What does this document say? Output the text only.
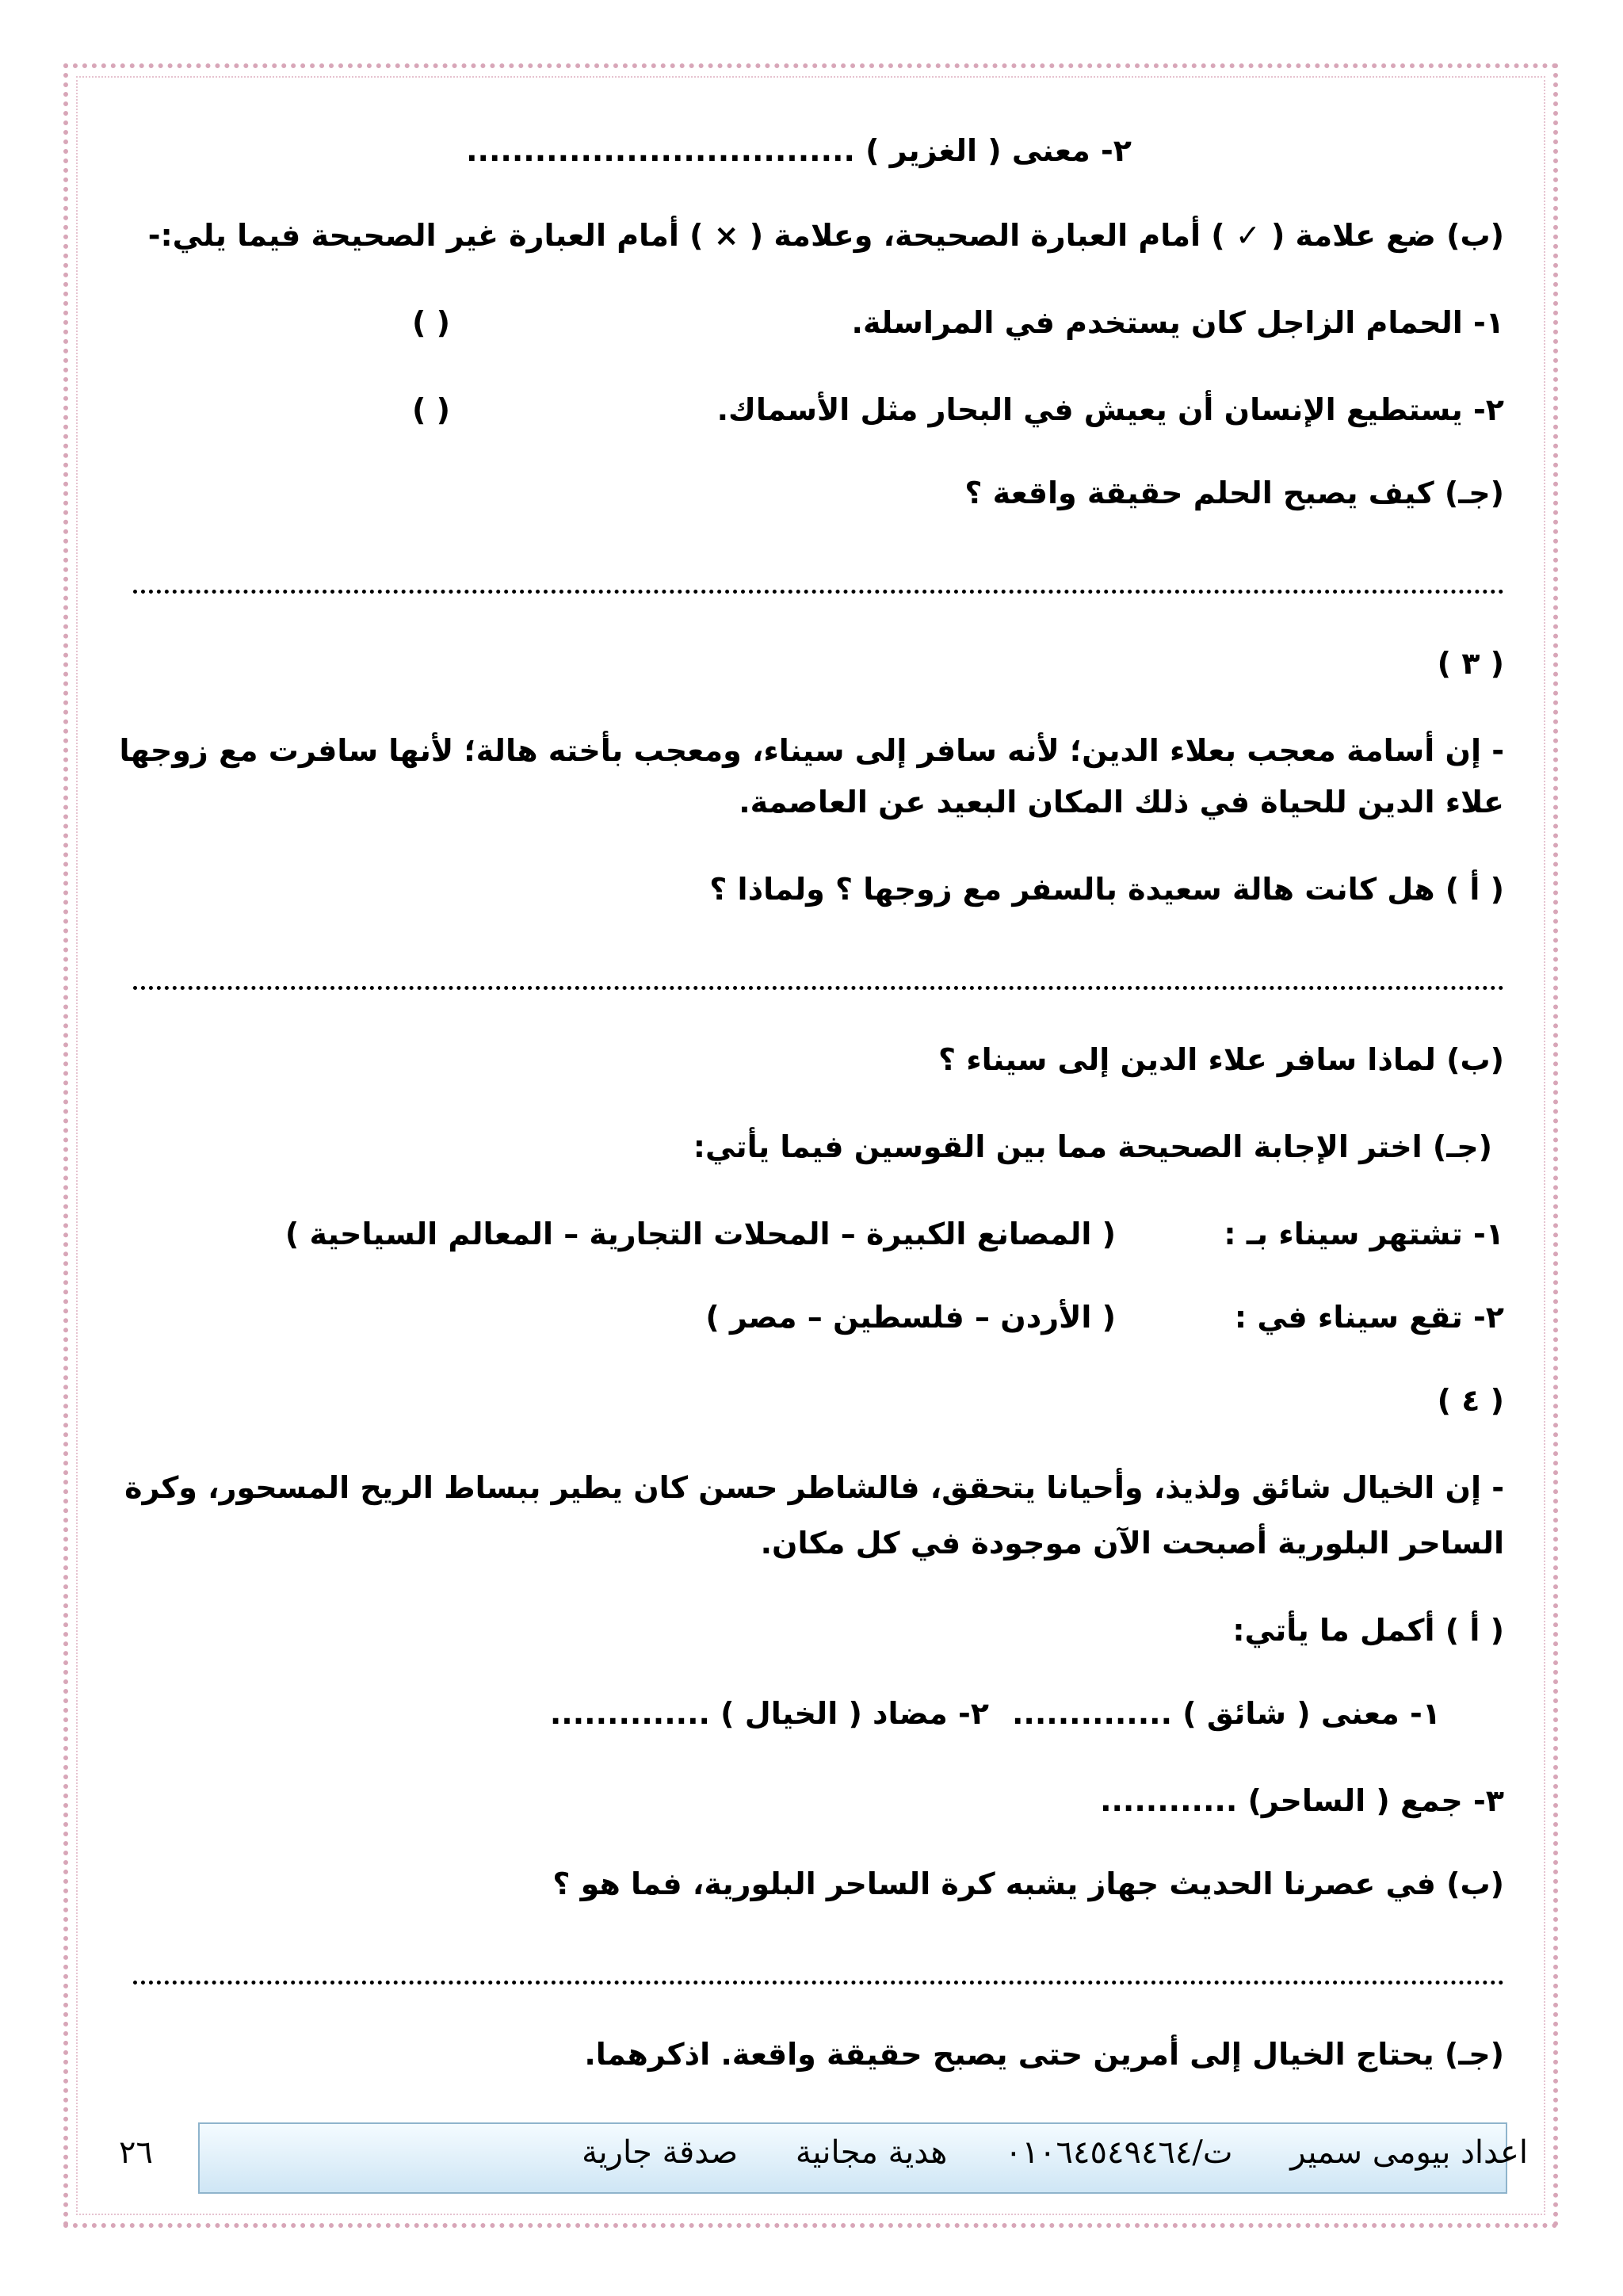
٢- معنى ( الغزير ) ..................................
(ب) ضع علامة ( ✓ ) أمام العبارة الصحيحة، وعلامة ( × ) أمام العبارة غير الصحيحة فيما يلي:-
١- الحمام الزاجل كان يستخدم في المراسلة.
( )
٢- يستطيع الإنسان أن يعيش في البحار مثل الأسماك.
( )
(جـ) كيف يصبح الحلم حقيقة واقعة ؟
( ٣ )
- إن أسامة معجب بعلاء الدين؛ لأنه سافر إلى سيناء، ومعجب بأخته هالة؛ لأنها سافرت مع زوجها
علاء الدين للحياة في ذلك المكان البعيد عن العاصمة.
( أ ) هل كانت هالة سعيدة بالسفر مع زوجها ؟ ولماذا ؟
(ب) لماذا سافر علاء الدين إلى سيناء ؟
(جـ) اختر الإجابة الصحيحة مما بين القوسين فيما يأتي:
١- تشتهر سيناء بـ :
( المصانع الكبيرة – المحلات التجارية – المعالم السياحية )
٢- تقع سيناء في :
( الأردن – فلسطين – مصر )
( ٤ )
- إن الخيال شائق ولذيذ، وأحيانا يتحقق، فالشاطر حسن كان يطير ببساط الريح المسحور، وكرة
الساحر البلورية أصبحت الآن موجودة في كل مكان.
( أ ) أكمل ما يأتي:
١- معنى ( شائق ) ..............
٢- مضاد ( الخيال ) ..............
٣- جمع ( الساحر) ............
(ب) في عصرنا الحديث جهاز يشبه كرة الساحر البلورية، فما هو ؟
(جـ) يحتاج الخيال إلى أمرين حتى يصبح حقيقة واقعة. اذكرهما.
اعداد بيومى سمير ت/٠١٠٦٤٥٤٩٤٦٤ هدية مجانية صدقة جارية
٢٦
